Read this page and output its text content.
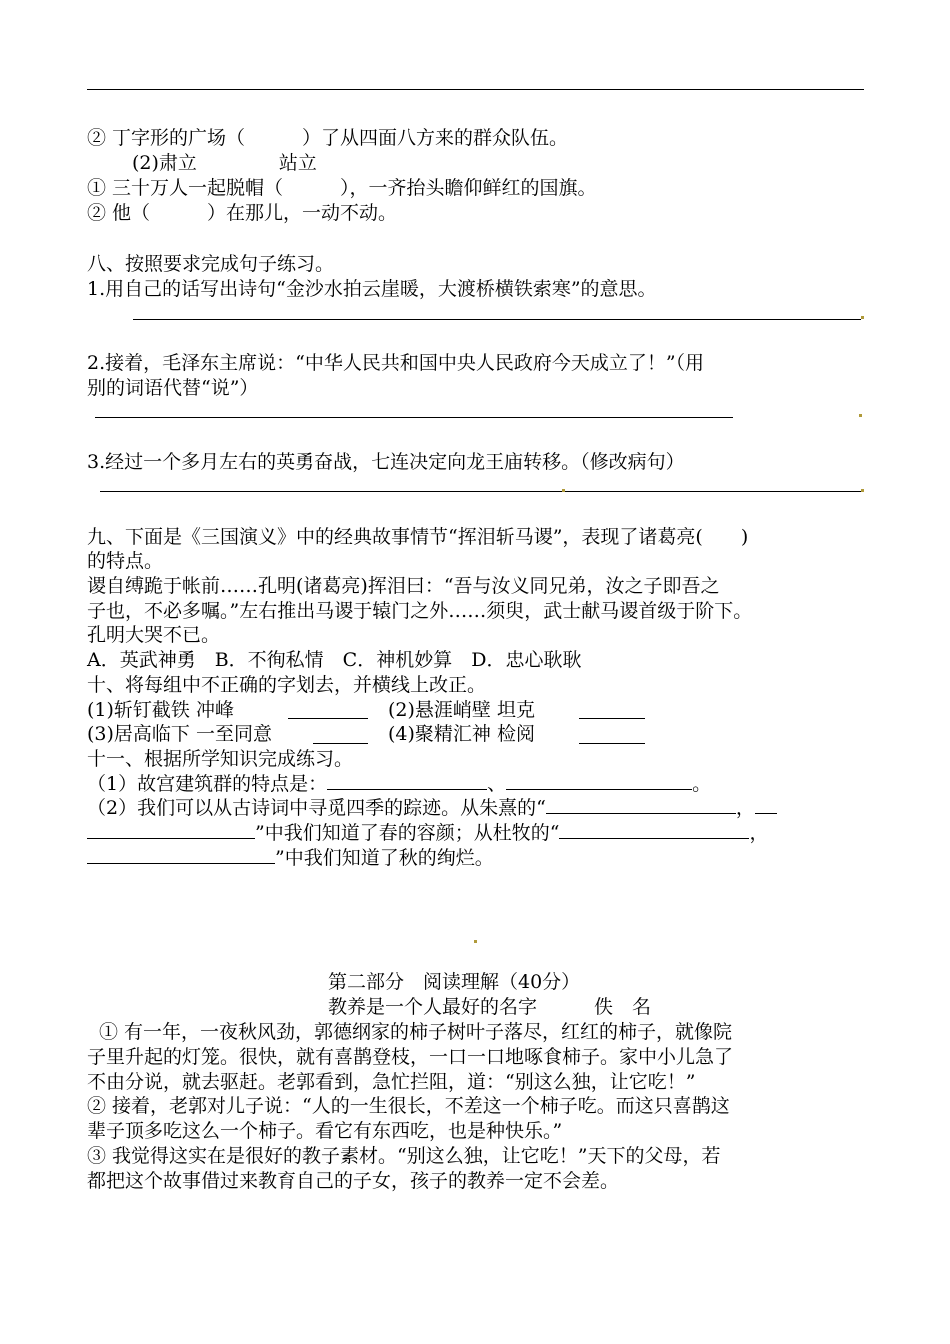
② 丁字形的广场（　　　）了从四面八方来的群众队伍。
(2)肃立	站立
① 三十万人一起脱帽（　　　），一齐抬头瞻仰鲜红的国旗。
② 他（　　　）在那儿，一动不动。
八、按照要求完成句子练习。
1.用自己的话写出诗句“金沙水拍云崖暖，大渡桥横铁索寒”的意思。
2.接着，毛泽东主席说：“中华人民共和国中央人民政府今天成立了！”（用
别的词语代替“说”）
3.经过一个多月左右的英勇奋战，七连决定向龙王庙转移。（修改病句）
九、下面是《三国演义》中的经典故事情节“挥泪斩马谡”，表现了诸葛亮(　　)
的特点。
谡自缚跪于帐前……孔明(诸葛亮)挥泪曰：“吾与汝义同兄弟，汝之子即吾之
子也，不必多嘱。”左右推出马谡于辕门之外……须臾，武士献马谡首级于阶下。
孔明大哭不已。
A．英武神勇　B．不徇私情　C．神机妙算　D．忠心耿耿
十、将每组中不正确的字划去，并横线上改正。
(1)斩钉截铁 冲峰	(2)悬涯峭壁 坦克
(3)居高临下 一至同意	(4)聚精汇神 检阅
十一、根据所学知识完成练习。
（1）故宫建筑群的特点是：	、	。
（2）我们可以从古诗词中寻觅四季的踪迹。从朱熹的“	，
”中我们知道了春的容颜；从杜牧的“	，
”中我们知道了秋的绚烂。
第二部分　阅读理解（40分）
教养是一个人最好的名字　　　佚　名
① 有一年，一夜秋风劲，郭德纲家的柿子树叶子落尽，红红的柿子，就像院
子里升起的灯笼。很快，就有喜鹊登枝，一口一口地啄食柿子。家中小儿急了
不由分说，就去驱赶。老郭看到，急忙拦阻，道：“别这么独，让它吃！”
② 接着，老郭对儿子说：“人的一生很长，不差这一个柿子吃。而这只喜鹊这
辈子顶多吃这么一个柿子。看它有东西吃，也是种快乐。”
③ 我觉得这实在是很好的教子素材。“别这么独，让它吃！”天下的父母，若
都把这个故事借过来教育自己的子女，孩子的教养一定不会差。
